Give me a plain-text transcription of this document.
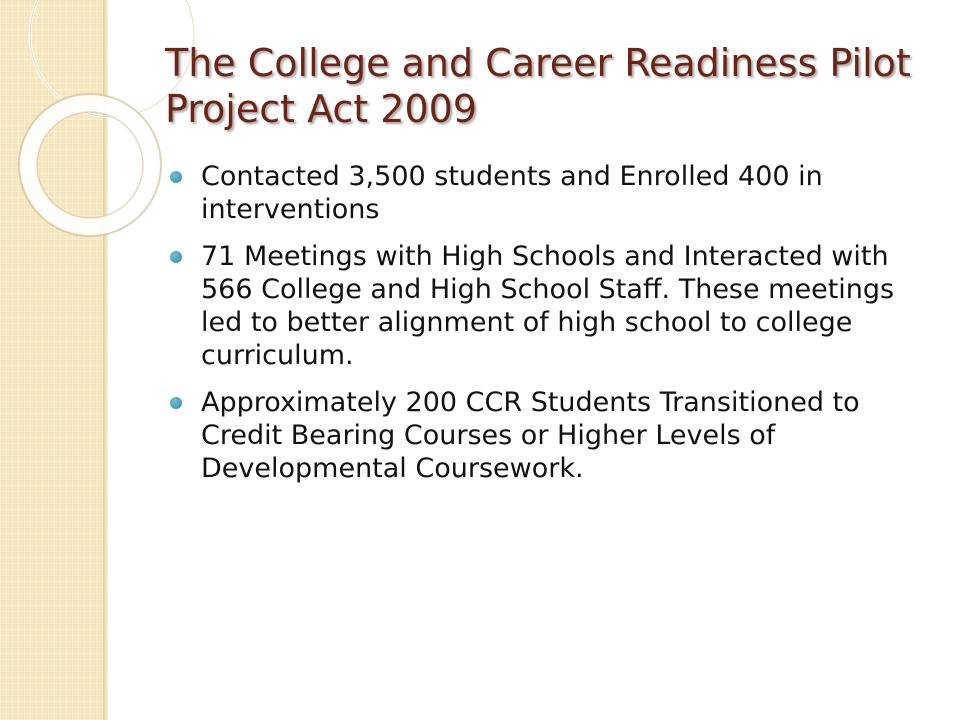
The College and Career Readiness Pilot Project Act 2009
Contacted 3,500 students and Enrolled 400 in interventions
71 Meetings with High Schools and Interacted with 566 College and High School Staff. These meetings led to better alignment of high school to college curriculum.
Approximately 200 CCR Students Transitioned to Credit Bearing Courses or Higher Levels of Developmental Coursework.
